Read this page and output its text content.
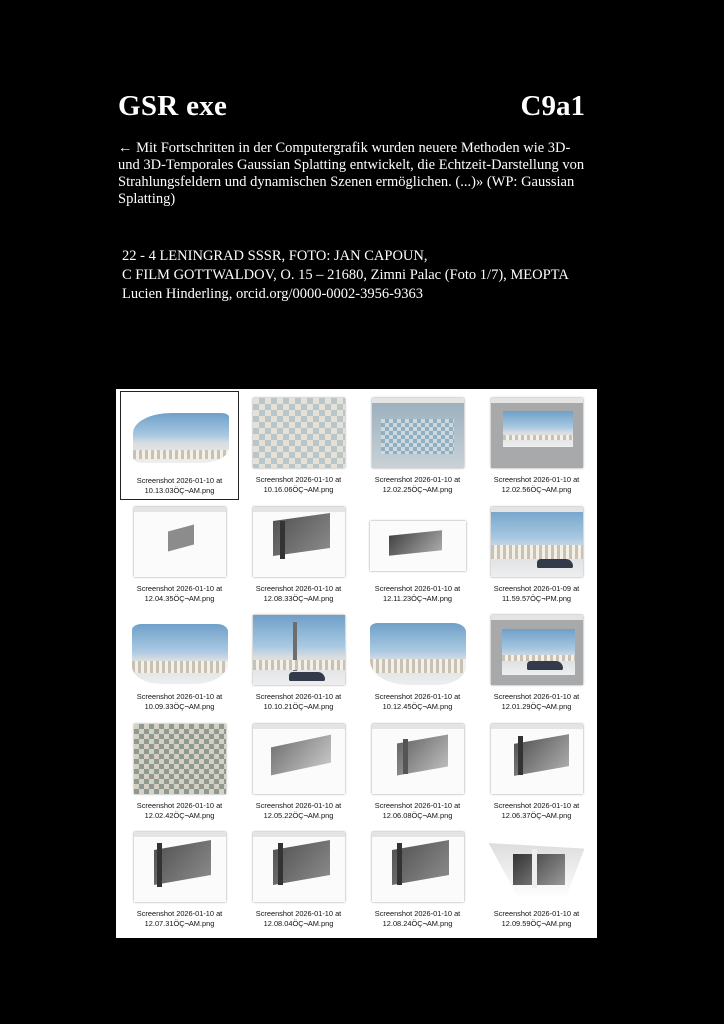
GSR exe	C9a1
← Mit Fortschritten in der Computergrafik wurden neuere Methoden wie 3D- und 3D-Temporales Gaussian Splatting entwickelt, die Echtzeit-Darstellung von Strahlungsfeldern und dynamischen Szenen ermöglichen. (...)» (WP: Gaussian Splatting)
22 - 4 LENINGRAD SSSR, FOTO: JAN CAPOUN,
C FILM GOTTWALDOV, O. 15 – 21680, Zimni Palac (Foto 1/7), MEOPTA
Lucien Hinderling, orcid.org/0000-0002-3956-9363
Screenshot 2026-01-10 at
10.13.03ÖÇ¬AM.png
Screenshot 2026-01-10 at
10.16.06ÖÇ¬AM.png
Screenshot 2026-01-10 at
12.02.25ÖÇ¬AM.png
Screenshot 2026-01-10 at
12.02.56ÖÇ¬AM.png
Screenshot 2026-01-10 at
12.04.35ÖÇ¬AM.png
Screenshot 2026-01-10 at
12.08.33ÖÇ¬AM.png
Screenshot 2026-01-10 at
12.11.23ÖÇ¬AM.png
Screenshot 2026-01-09 at
11.59.57ÖÇ¬PM.png
Screenshot 2026-01-10 at
10.09.33ÖÇ¬AM.png
Screenshot 2026-01-10 at
10.10.21ÖÇ¬AM.png
Screenshot 2026-01-10 at
10.12.45ÖÇ¬AM.png
Screenshot 2026-01-10 at
12.01.29ÖÇ¬AM.png
Screenshot 2026-01-10 at
12.02.42ÖÇ¬AM.png
Screenshot 2026-01-10 at
12.05.22ÖÇ¬AM.png
Screenshot 2026-01-10 at
12.06.08ÖÇ¬AM.png
Screenshot 2026-01-10 at
12.06.37ÖÇ¬AM.png
Screenshot 2026-01-10 at
12.07.31ÖÇ¬AM.png
Screenshot 2026-01-10 at
12.08.04ÖÇ¬AM.png
Screenshot 2026-01-10 at
12.08.24ÖÇ¬AM.png
Screenshot 2026-01-10 at
12.09.59ÖÇ¬AM.png
